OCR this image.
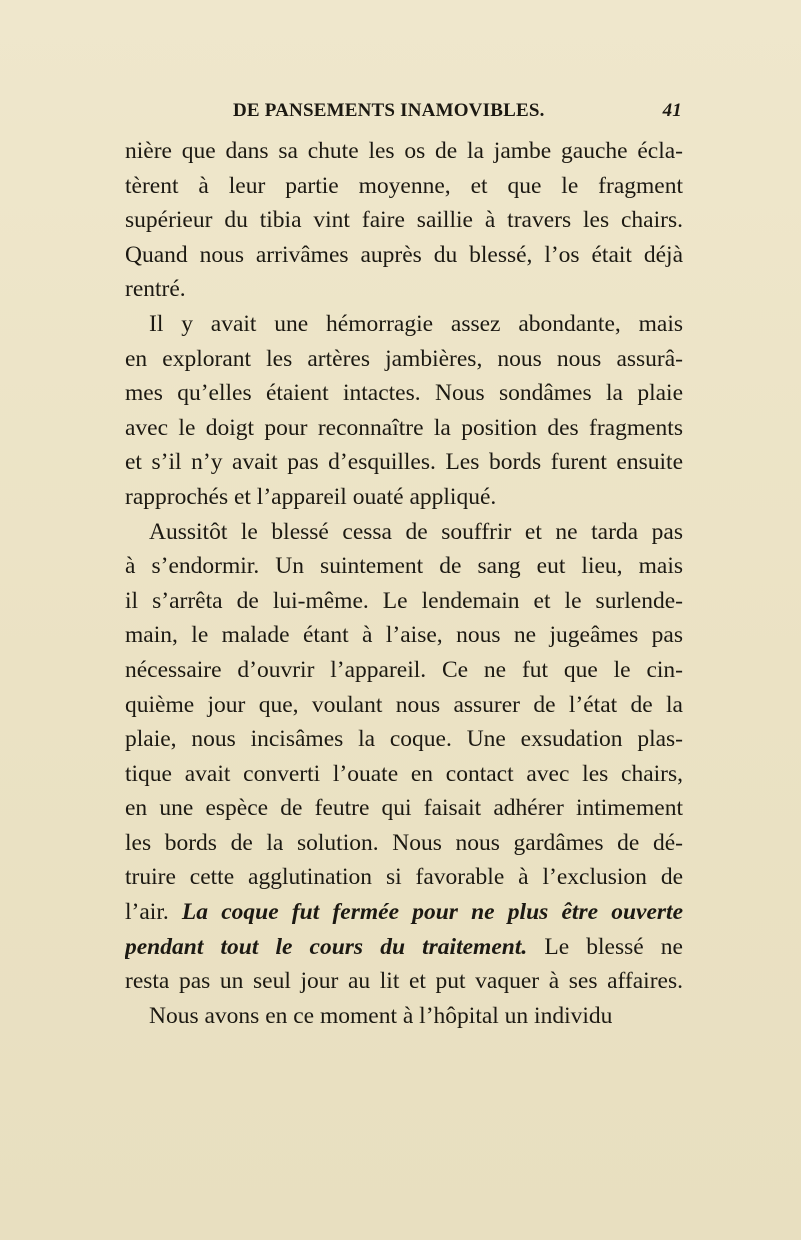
DE PANSEMENTS INAMOVIBLES.	41
nière que dans sa chute les os de la jambe gauche écla-
tèrent à leur partie moyenne, et que le fragment
supérieur du tibia vint faire saillie à travers les chairs.
Quand nous arrivâmes auprès du blessé, l’os était déjà
rentré.
Il y avait une hémorragie assez abondante, mais
en explorant les artères jambières, nous nous assurâ-
mes qu’elles étaient intactes. Nous sondâmes la plaie
avec le doigt pour reconnaître la position des fragments
et s’il n’y avait pas d’esquilles. Les bords furent ensuite
rapprochés et l’appareil ouaté appliqué.
Aussitôt le blessé cessa de souffrir et ne tarda pas
à s’endormir. Un suintement de sang eut lieu, mais
il s’arrêta de lui-même. Le lendemain et le surlende-
main, le malade étant à l’aise, nous ne jugeâmes pas
nécessaire d’ouvrir l’appareil. Ce ne fut que le cin-
quième jour que, voulant nous assurer de l’état de la
plaie, nous incisâmes la coque. Une exsudation plas-
tique avait converti l’ouate en contact avec les chairs,
en une espèce de feutre qui faisait adhérer intimement
les bords de la solution. Nous nous gardâmes de dé-
truire cette agglutination si favorable à l’exclusion de
l’air. La coque fut fermée pour ne plus être ouverte
pendant tout le cours du traitement. Le blessé ne
resta pas un seul jour au lit et put vaquer à ses affaires.
Nous avons en ce moment à l’hôpital un individu
